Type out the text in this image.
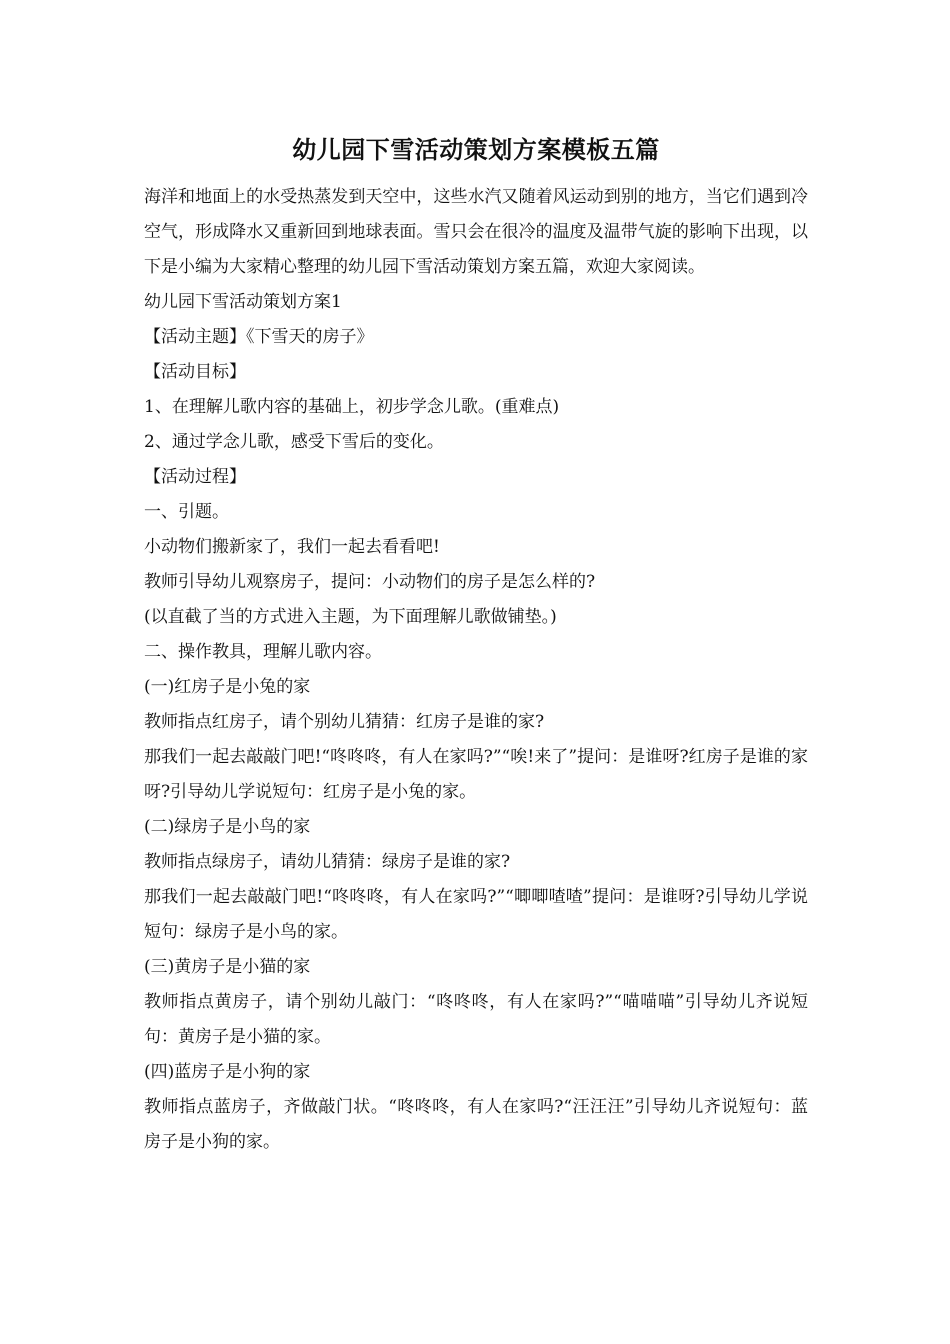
幼儿园下雪活动策划方案模板五篇

海洋和地面上的水受热蒸发到天空中，这些水汽又随着风运动到别的地方，当它们遇到冷空气，形成降水又重新回到地球表面。雪只会在很冷的温度及温带气旋的影响下出现，以下是小编为大家精心整理的幼儿园下雪活动策划方案五篇，欢迎大家阅读。

幼儿园下雪活动策划方案1

【活动主题】《下雪天的房子》

【活动目标】

1、在理解儿歌内容的基础上，初步学念儿歌。(重难点)

2、通过学念儿歌，感受下雪后的变化。

【活动过程】

一、引题。

小动物们搬新家了，我们一起去看看吧!

教师引导幼儿观察房子，提问：小动物们的房子是怎么样的?

(以直截了当的方式进入主题，为下面理解儿歌做铺垫。)

二、操作教具，理解儿歌内容。

(一)红房子是小兔的家

教师指点红房子，请个别幼儿猜猜：红房子是谁的家?

那我们一起去敲敲门吧!“咚咚咚，有人在家吗?”“唉!来了”提问：是谁呀?红房子是谁的家呀?引导幼儿学说短句：红房子是小兔的家。

(二)绿房子是小鸟的家

教师指点绿房子，请幼儿猜猜：绿房子是谁的家?

那我们一起去敲敲门吧!“咚咚咚，有人在家吗?”“唧唧喳喳”提问：是谁呀?引导幼儿学说短句：绿房子是小鸟的家。

(三)黄房子是小猫的家

教师指点黄房子，请个别幼儿敲门：“咚咚咚，有人在家吗?”“喵喵喵”引导幼儿齐说短句：黄房子是小猫的家。

(四)蓝房子是小狗的家

教师指点蓝房子，齐做敲门状。“咚咚咚，有人在家吗?“汪汪汪”引导幼儿齐说短句：蓝房子是小狗的家。
